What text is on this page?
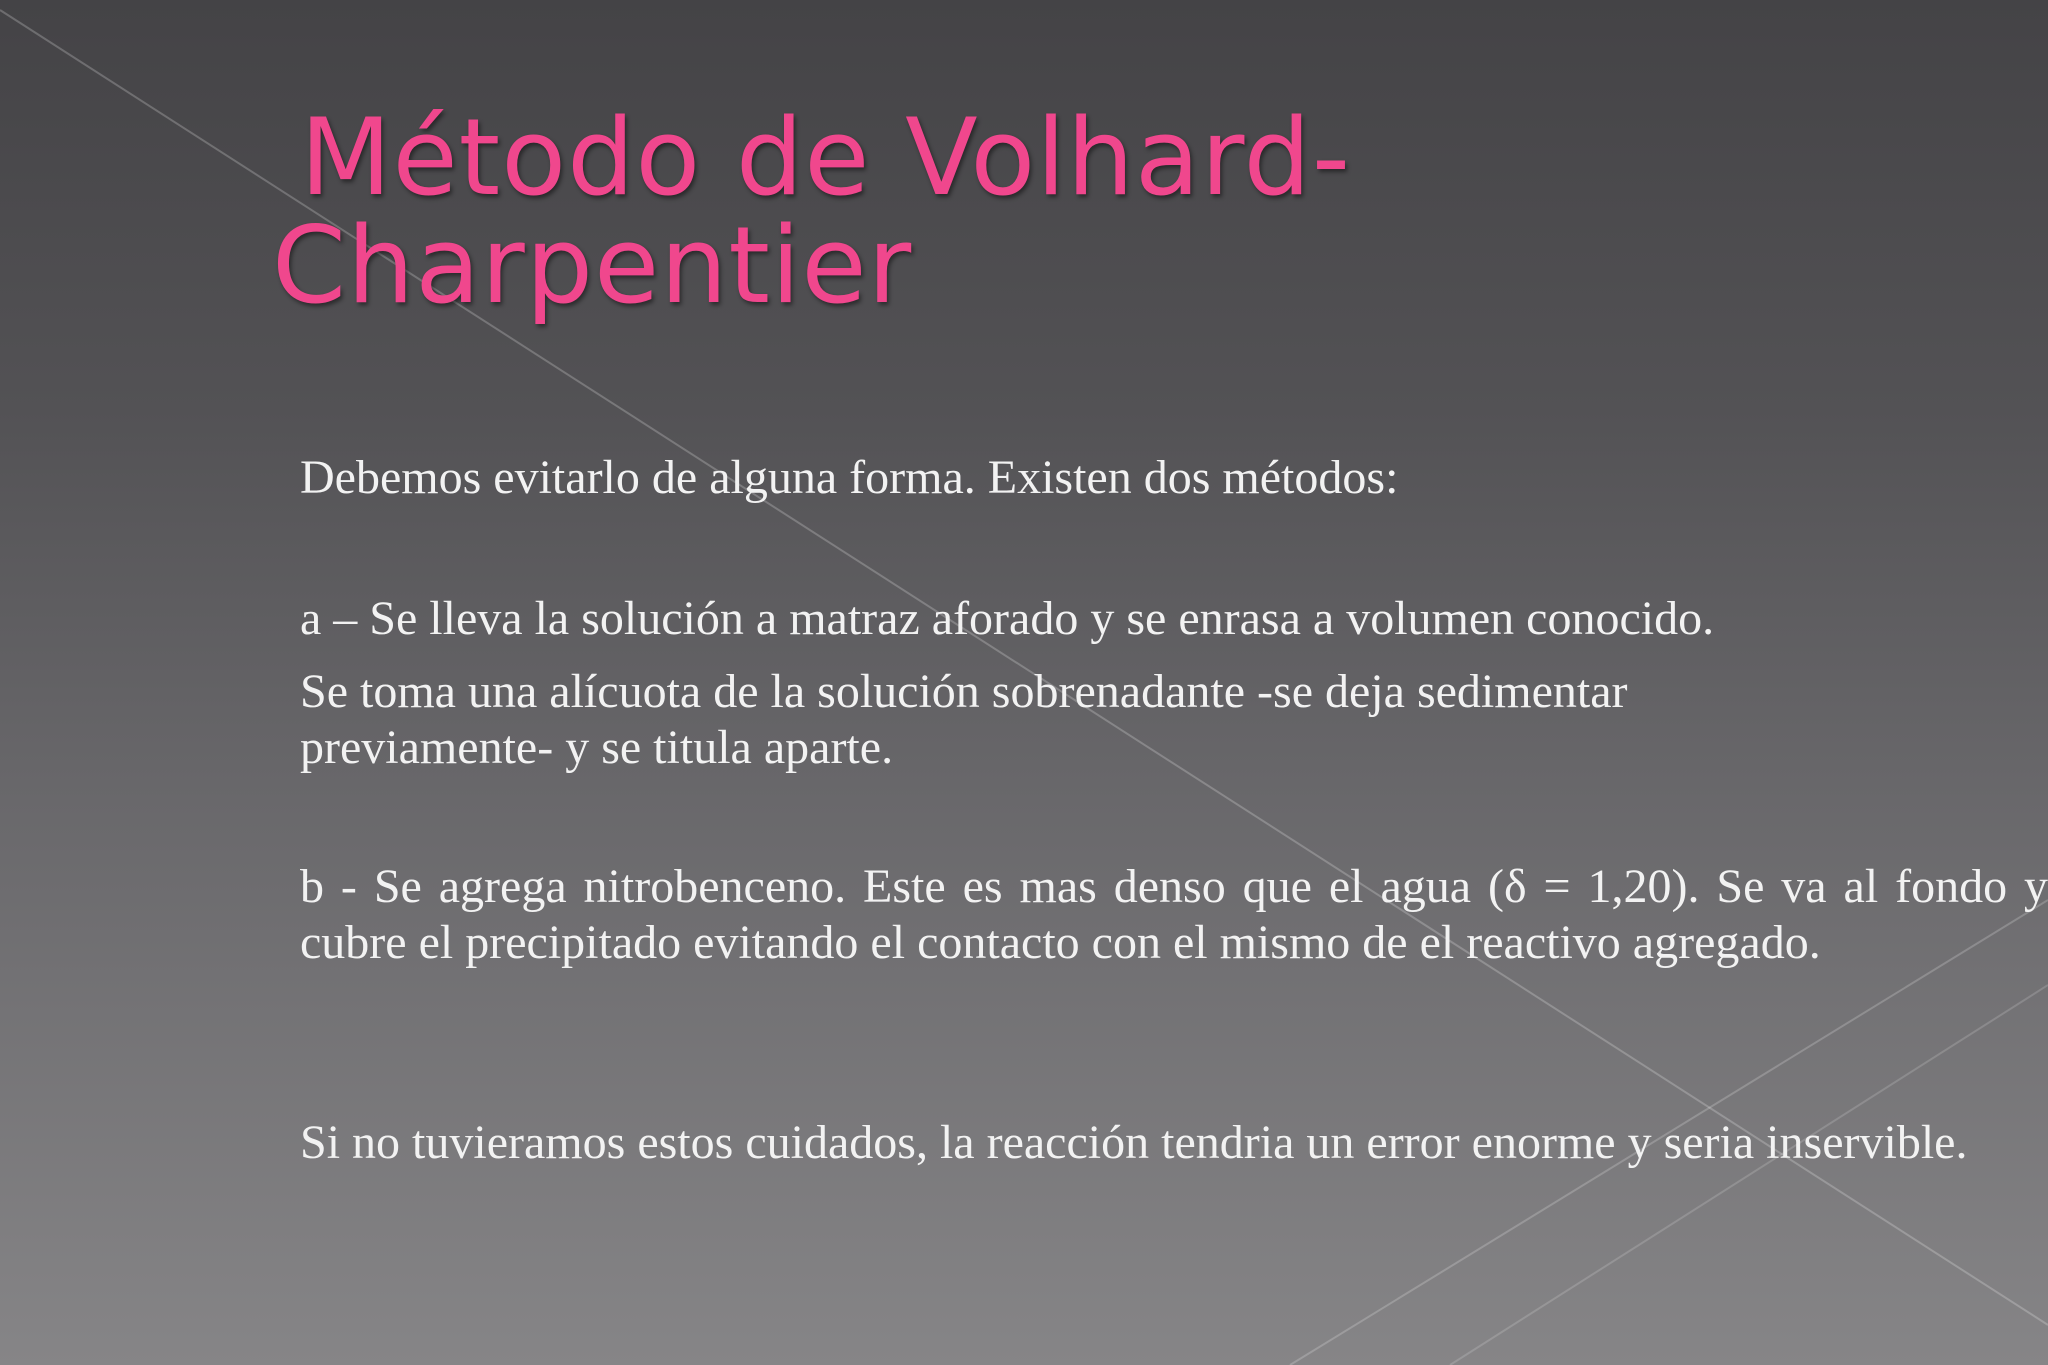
Método de Volhard-
Charpentier

Debemos evitarlo de alguna forma. Existen dos métodos:

a – Se lleva la solución a matraz aforado y se enrasa a volumen conocido.

Se toma una alícuota de la solución sobrenadante -se deja sedimentar previamente- y se titula aparte.

b - Se agrega nitrobenceno. Este es mas denso que el agua (δ = 1,20). Se va al fondo y cubre el precipitado evitando el contacto con el mismo de el reactivo agregado.

Si no tuvieramos estos cuidados, la reacción tendria un error enorme y seria inservible.
